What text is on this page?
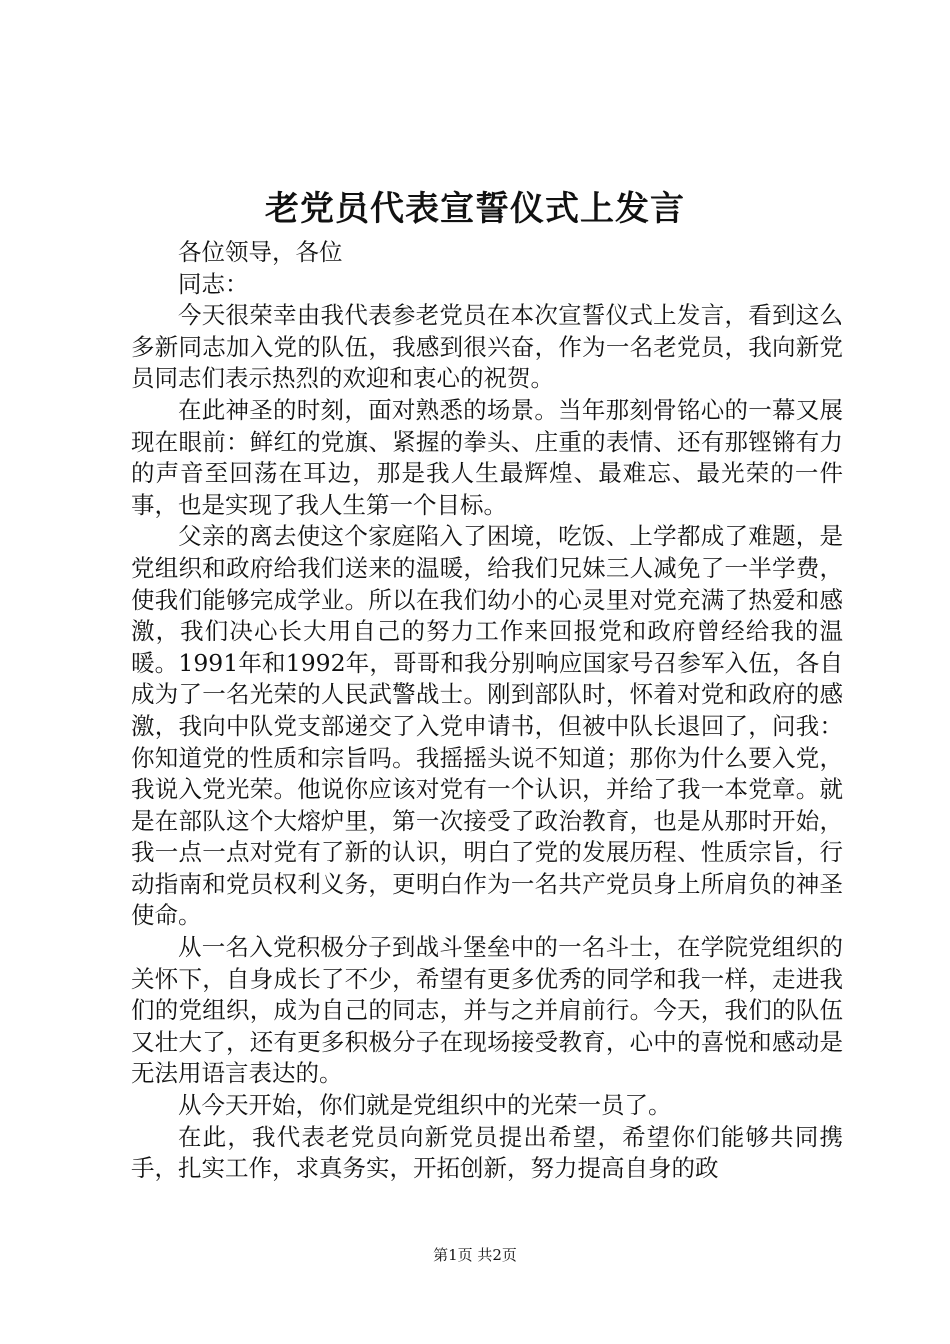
老党员代表宣誓仪式上发言

各位领导，各位

同志：

今天很荣幸由我代表参老党员在本次宣誓仪式上发言，看到这么多新同志加入党的队伍，我感到很兴奋，作为一名老党员，我向新党员同志们表示热烈的欢迎和衷心的祝贺。

在此神圣的时刻，面对熟悉的场景。当年那刻骨铭心的一幕又展现在眼前：鲜红的党旗、紧握的拳头、庄重的表情、还有那铿锵有力的声音至回荡在耳边，那是我人生最辉煌、最难忘、最光荣的一件事，也是实现了我人生第一个目标。

父亲的离去使这个家庭陷入了困境，吃饭、上学都成了难题，是党组织和政府给我们送来的温暖，给我们兄妹三人减免了一半学费，使我们能够完成学业。所以在我们幼小的心灵里对党充满了热爱和感激，我们决心长大用自己的努力工作来回报党和政府曾经给我的温暖。1991年和1992年，哥哥和我分别响应国家号召参军入伍，各自成为了一名光荣的人民武警战士。刚到部队时，怀着对党和政府的感激，我向中队党支部递交了入党申请书，但被中队长退回了，问我：你知道党的性质和宗旨吗。我摇摇头说不知道；那你为什么要入党，我说入党光荣。他说你应该对党有一个认识，并给了我一本党章。就是在部队这个大熔炉里，第一次接受了政治教育，也是从那时开始，我一点一点对党有了新的认识，明白了党的发展历程、性质宗旨，行动指南和党员权利义务，更明白作为一名共产党员身上所肩负的神圣使命。

从一名入党积极分子到战斗堡垒中的一名斗士，在学院党组织的关怀下，自身成长了不少，希望有更多优秀的同学和我一样，走进我们的党组织，成为自己的同志，并与之并肩前行。今天，我们的队伍又壮大了，还有更多积极分子在现场接受教育，心中的喜悦和感动是无法用语言表达的。

从今天开始，你们就是党组织中的光荣一员了。

在此，我代表老党员向新党员提出希望，希望你们能够共同携手，扎实工作，求真务实，开拓创新，努力提高自身的政

第1页 共2页
